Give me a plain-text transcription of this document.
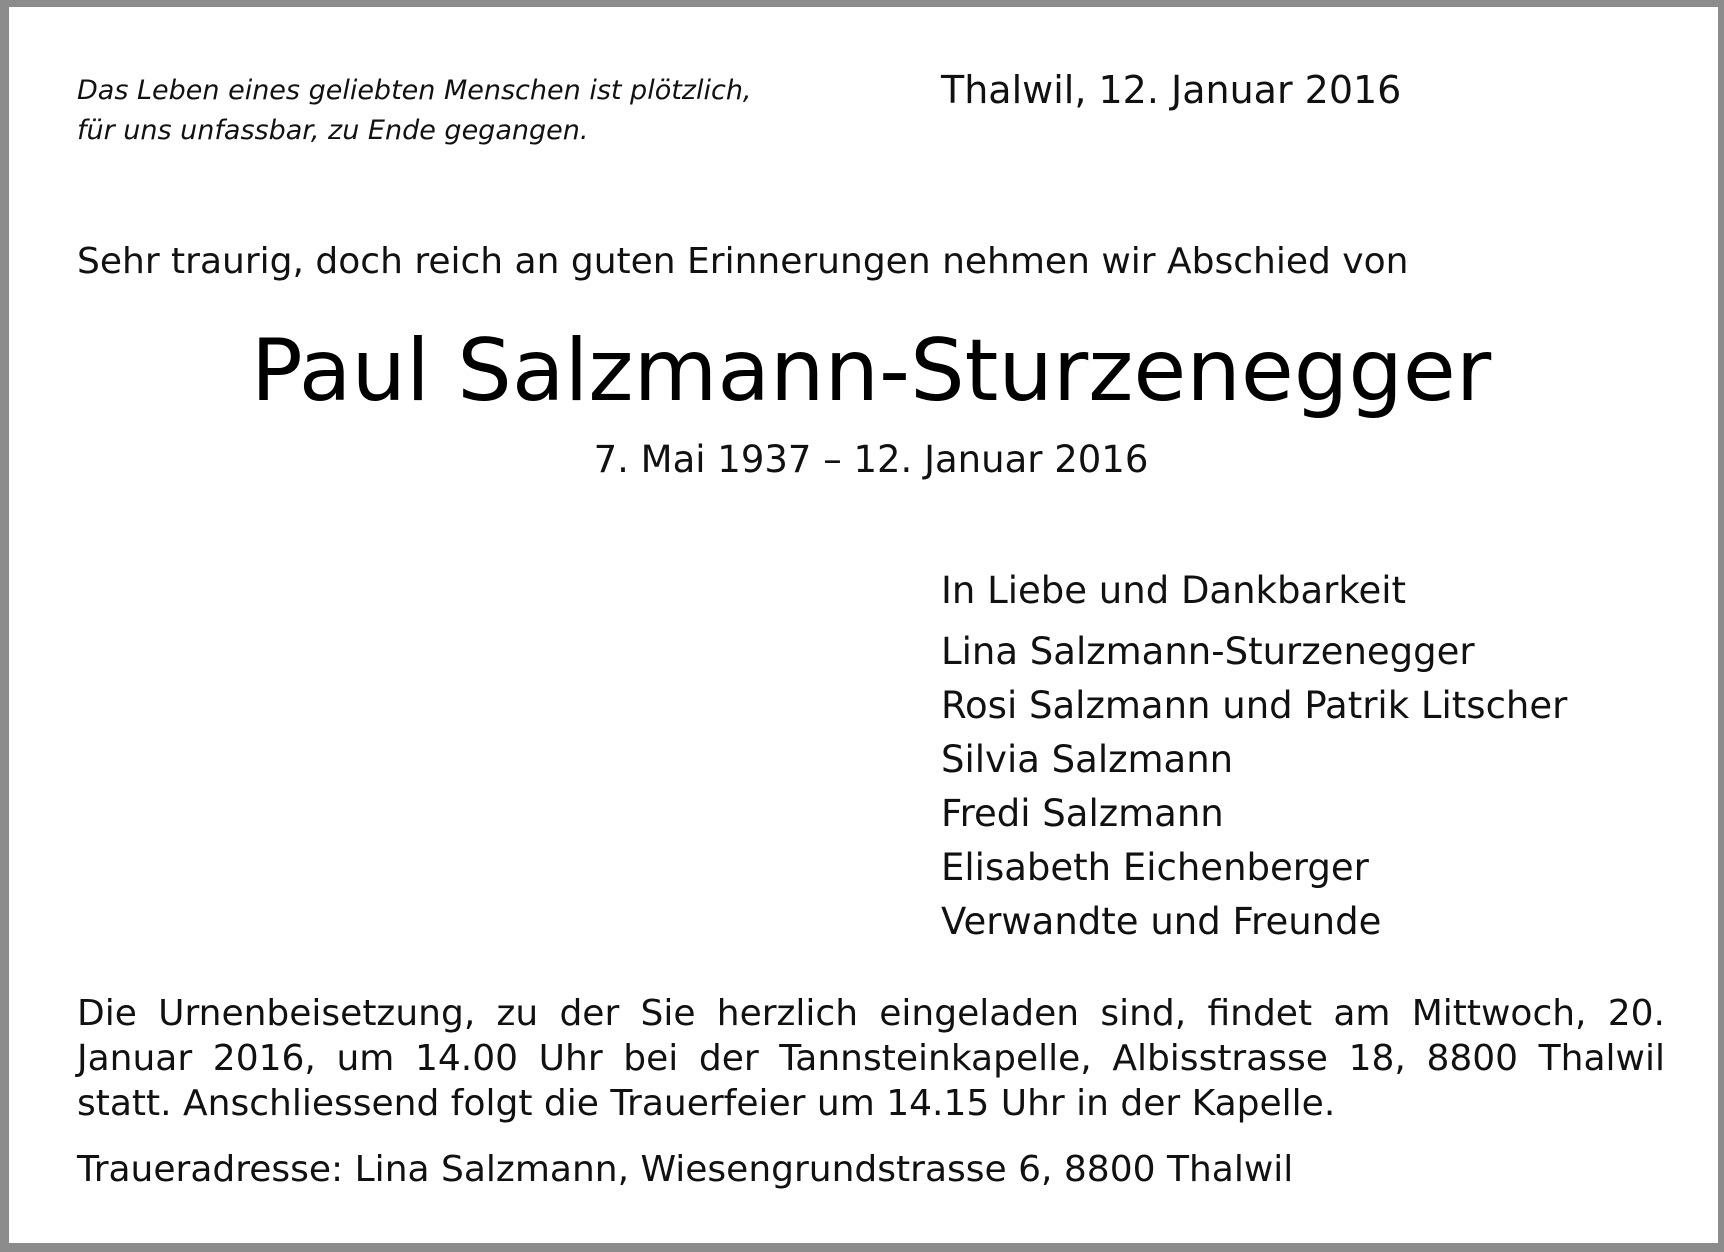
Das Leben eines geliebten Menschen ist plötzlich,
für uns unfassbar, zu Ende gegangen.
Thalwil, 12. Januar 2016
Sehr traurig, doch reich an guten Erinnerungen nehmen wir Abschied von
Paul Salzmann-Sturzenegger
7. Mai 1937 – 12. Januar 2016
In Liebe und Dankbarkeit
Lina Salzmann-Sturzenegger
Rosi Salzmann und Patrik Litscher
Silvia Salzmann
Fredi Salzmann
Elisabeth Eichenberger
Verwandte und Freunde

Die Urnenbeisetzung, zu der Sie herzlich eingeladen sind, findet am Mittwoch, 20. Januar 2016, um 14.00 Uhr bei der Tannsteinkapelle, Albisstrasse 18, 8800 Thalwil statt. Anschliessend folgt die Trauerfeier um 14.15 Uhr in der Kapelle.

Traueradresse: Lina Salzmann, Wiesengrundstrasse 6, 8800 Thalwil
